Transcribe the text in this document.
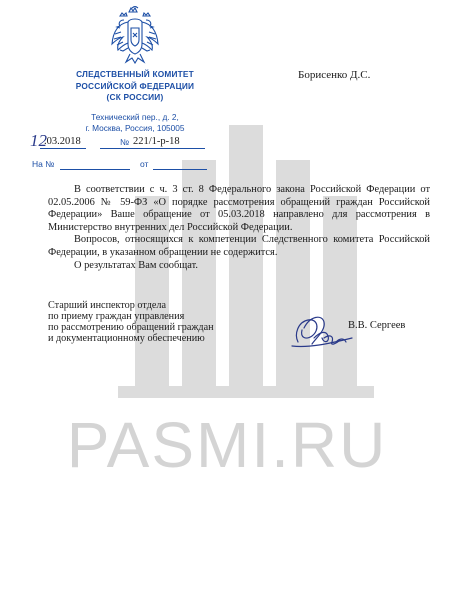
PASMI.RU
СЛЕДСТВЕННЫЙ КОМИТЕТ
РОССИЙСКОЙ ФЕДЕРАЦИИ
(СК РОССИИ)
Технический пер., д. 2,
г. Москва, Россия, 105005
Борисенко Д.С.
12
.03.2018	№ 221/1-р-18
На №	от

В соответствии с ч. 3 ст. 8 Федерального закона Российской Федерации от 02.05.2006 № 59-ФЗ «О порядке рассмотрения обращений граждан Российской Федерации» Ваше обращение от 05.03.2018 направлено для рассмотрения в Министерство внутренних дел Российской Федерации.

Вопросов, относящихся к компетенции Следственного комитета Российской Федерации, в указанном обращении не содержится.

О результатах Вам сообщат.

Старший инспектор отдела
по приему граждан управления
по рассмотрению обращений граждан
и документационному обеспечению
В.В. Сергеев
